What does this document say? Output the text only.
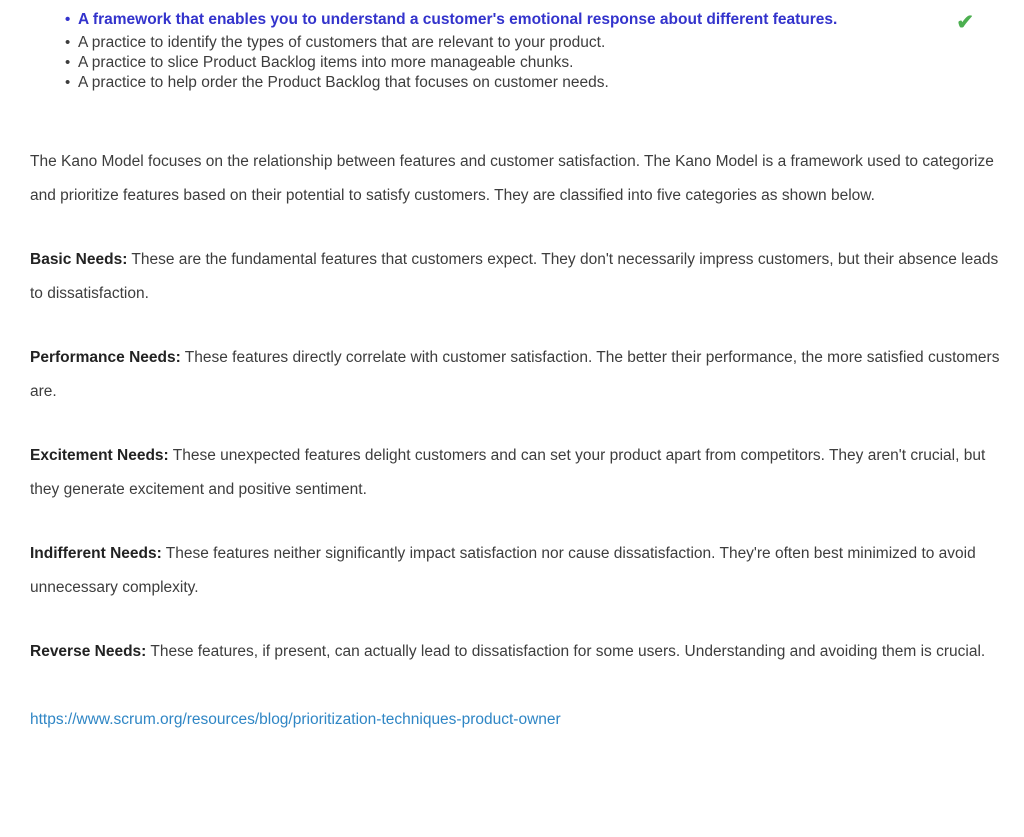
✔
• A framework that enables you to understand a customer's emotional response about different features.
• A practice to identify the types of customers that are relevant to your product.
• A practice to slice Product Backlog items into more manageable chunks.
• A practice to help order the Product Backlog that focuses on customer needs.

The Kano Model focuses on the relationship between features and customer satisfaction. The Kano Model is a framework used to categorize and prioritize features based on their potential to satisfy customers. They are classified into five categories as shown below.

Basic Needs: These are the fundamental features that customers expect. They don't necessarily impress customers, but their absence leads to dissatisfaction.

Performance Needs: These features directly correlate with customer satisfaction. The better their performance, the more satisfied customers are.

Excitement Needs: These unexpected features delight customers and can set your product apart from competitors. They aren't crucial, but they generate excitement and positive sentiment.

Indifferent Needs: These features neither significantly impact satisfaction nor cause dissatisfaction. They're often best minimized to avoid unnecessary complexity.

Reverse Needs: These features, if present, can actually lead to dissatisfaction for some users. Understanding and avoiding them is crucial.

https://www.scrum.org/resources/blog/prioritization-techniques-product-owner
